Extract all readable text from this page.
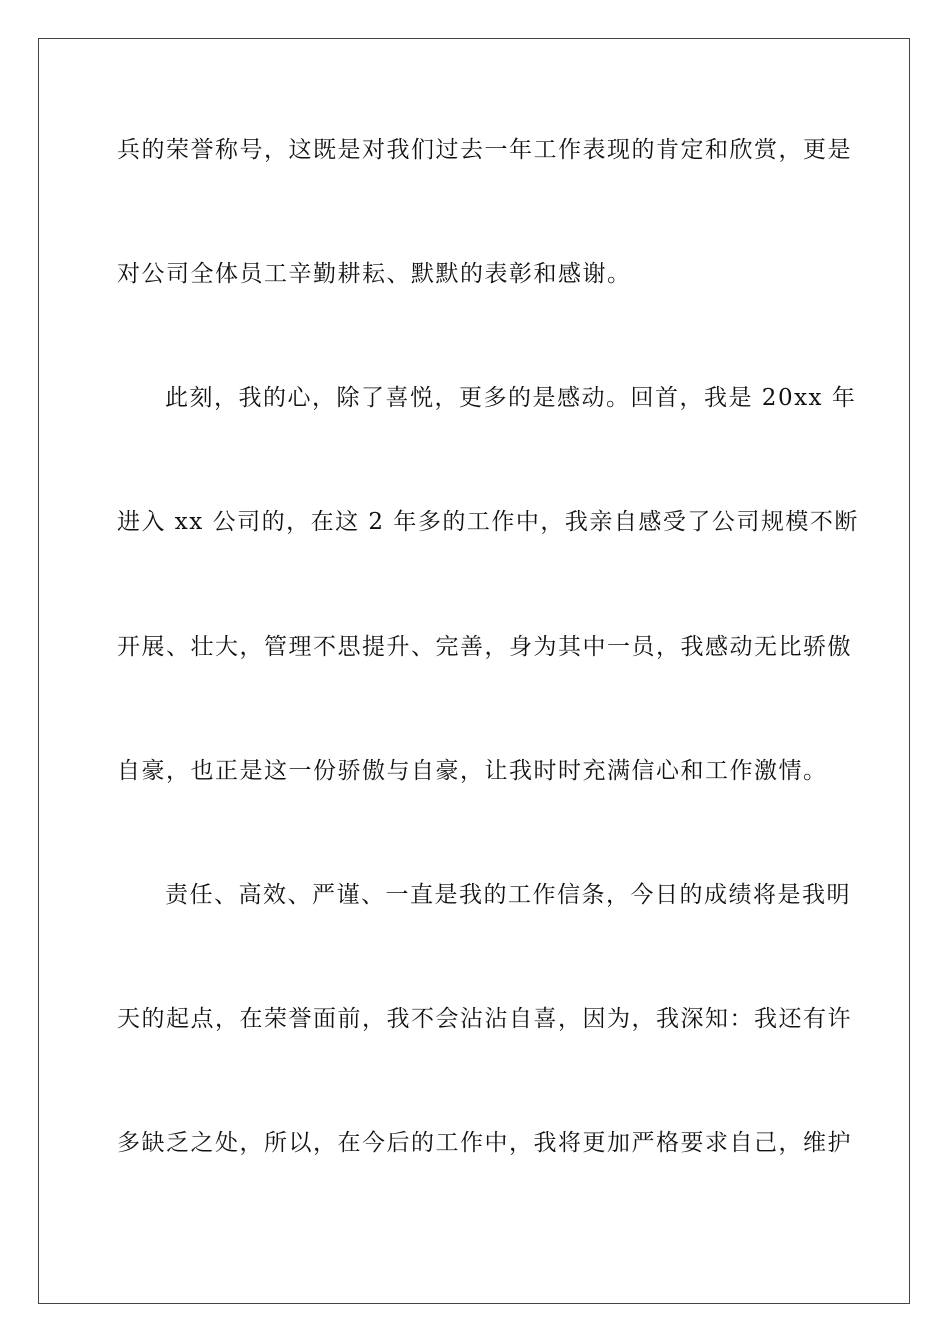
兵的荣誉称号，这既是对我们过去一年工作表现的肯定和欣赏，更是
对公司全体员工辛勤耕耘、默默的表彰和感谢。
此刻，我的心，除了喜悦，更多的是感动。回首，我是 20xx 年
进入 xx 公司的，在这 2 年多的工作中，我亲自感受了公司规模不断
开展、壮大，管理不思提升、完善，身为其中一员，我感动无比骄傲
自豪，也正是这一份骄傲与自豪，让我时时充满信心和工作激情。
责任、高效、严谨、一直是我的工作信条，今日的成绩将是我明
天的起点，在荣誉面前，我不会沾沾自喜，因为，我深知：我还有许
多缺乏之处，所以，在今后的工作中，我将更加严格要求自己，维护
